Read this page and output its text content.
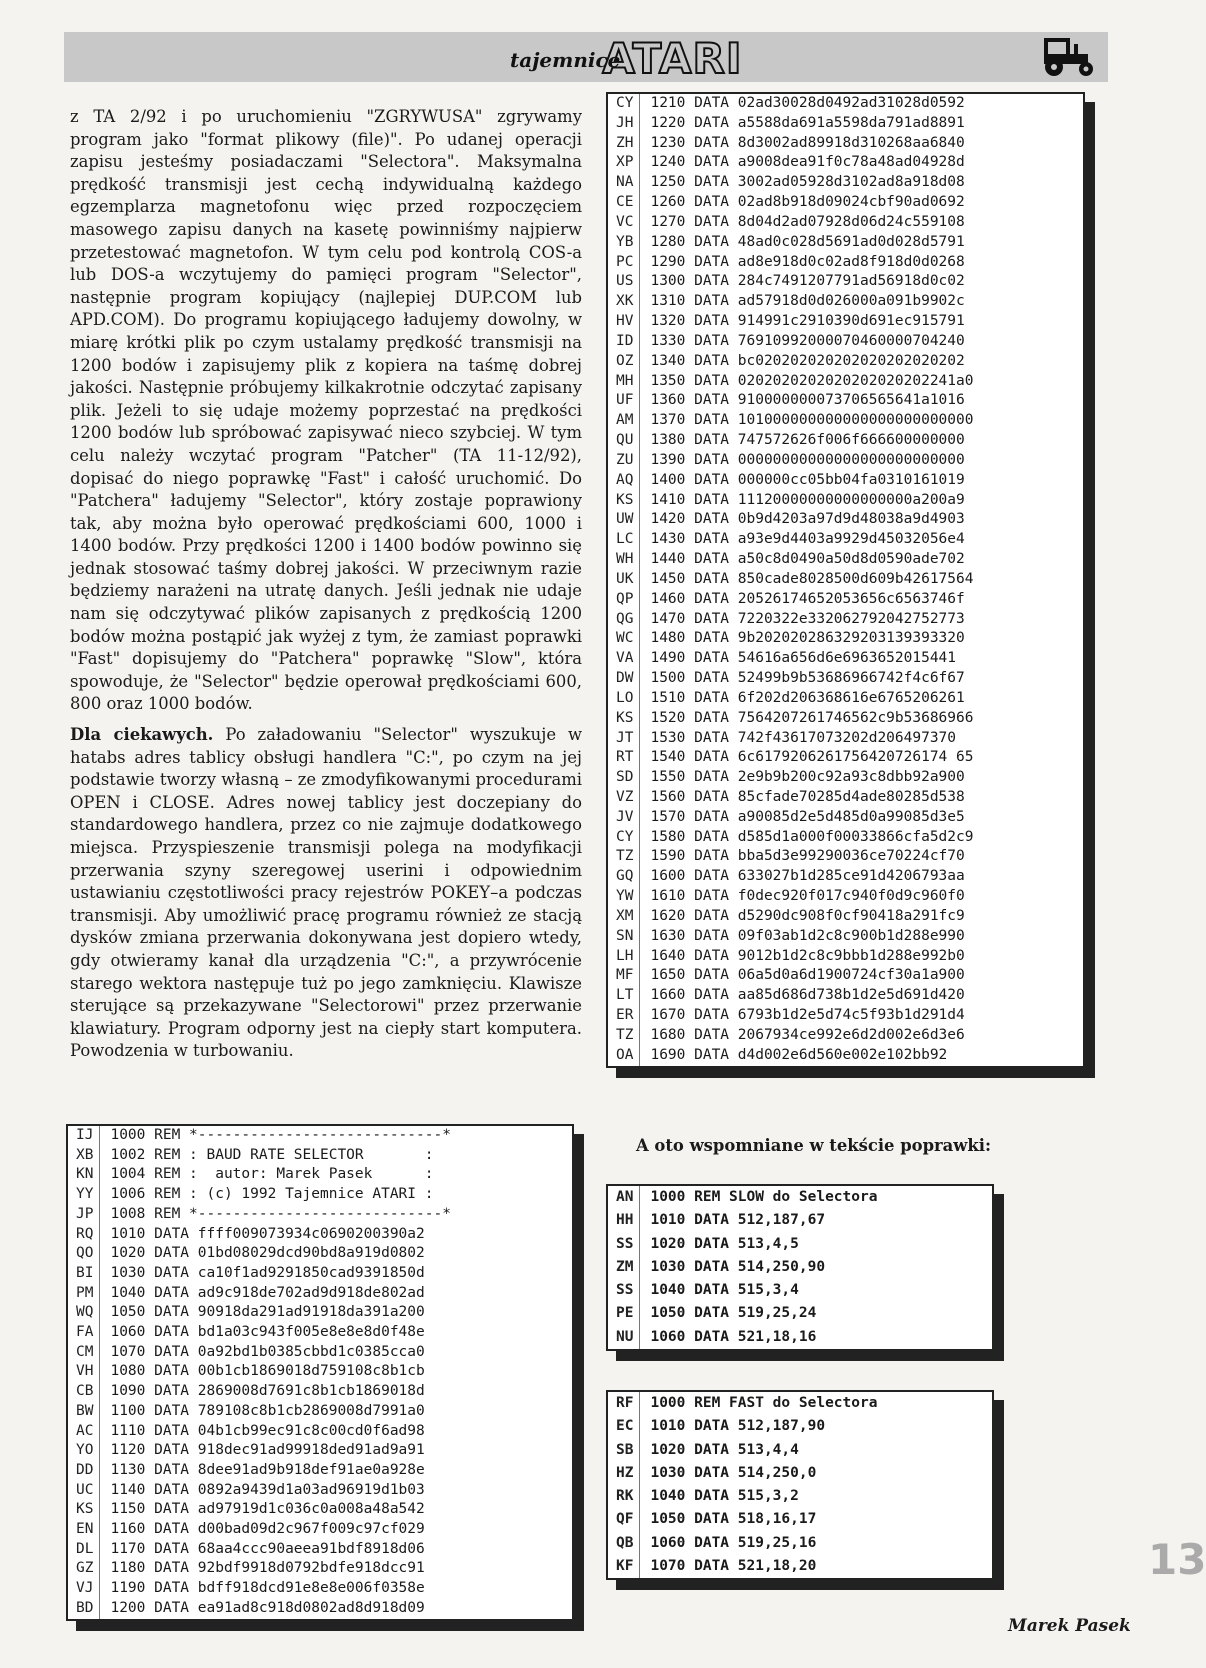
tajemnice
ATARI

z TA 2/92 i po uruchomieniu "ZGRYWUSA" zgrywamy program jako "format plikowy (file)". Po udanej operacji zapisu jesteśmy posiadaczami "Selectora". Maksymalna prędkość transmisji jest cechą indywidualną każdego egzemplarza magnetofonu więc przed rozpoczęciem masowego zapisu danych na kasetę powinniśmy najpierw przetestować magnetofon. W tym celu pod kontrolą COS-a lub DOS-a wczytujemy do pamięci program "Selector", następnie program kopiujący (najlepiej DUP.COM lub APD.COM). Do programu kopiującego ładujemy dowolny, w miarę krótki plik po czym ustalamy prędkość transmisji na 1200 bodów i zapisujemy plik z kopiera na taśmę dobrej jakości. Następnie próbujemy kilkakrotnie odczytać zapisany plik. Jeżeli to się udaje możemy poprzestać na prędkości 1200 bodów lub spróbować zapisywać nieco szybciej. W tym celu należy wczytać program "Patcher" (TA 11-12/92), dopisać do niego poprawkę "Fast" i całość uruchomić. Do "Patchera" ładujemy "Selector", który zostaje poprawiony tak, aby można było operować prędkościami 600, 1000 i 1400 bodów. Przy prędkości 1200 i 1400 bodów powinno się jednak stosować taśmy dobrej jakości. W przeciwnym razie będziemy narażeni na utratę danych. Jeśli jednak nie udaje nam się odczytywać plików zapisanych z prędkością 1200 bodów można postąpić jak wyżej z tym, że zamiast poprawki "Fast" dopisujemy do "Patchera" poprawkę "Slow", która spowoduje, że "Selector" będzie operował prędkościami 600, 800 oraz 1000 bodów.

Dla ciekawych. Po załadowaniu "Selector" wyszukuje w hatabs adres tablicy obsługi handlera "C:", po czym na jej podstawie tworzy własną – ze zmodyfikowanymi procedurami OPEN i CLOSE. Adres nowej tablicy jest doczepiany do standardowego handlera, przez co nie zajmuje dodatkowego miejsca. Przyspieszenie transmisji polega na modyfikacji przerwania szyny szeregowej userini i odpowiednim ustawianiu częstotliwości pracy rejestrów POKEY–a podczas transmisji. Aby umożliwić pracę programu również ze stacją dysków zmiana przerwania dokonywana jest dopiero wtedy, gdy otwieramy kanał dla urządzenia "C:", a przywrócenie starego wektora następuje tuż po jego zamknięciu. Klawisze sterujące są przekazywane "Selectorowi" przez przerwanie klawiatury. Program odporny jest na ciepły start komputera. Powodzenia w turbowaniu.

CY	1210 DATA 02ad30028d0492ad31028d0592
JH	1220 DATA a5588da691a5598da791ad8891
ZH	1230 DATA 8d3002ad89918d310268aa6840
XP	1240 DATA a9008dea91f0c78a48ad04928d
NA	1250 DATA 3002ad05928d3102ad8a918d08
CE	1260 DATA 02ad8b918d09024cbf90ad0692
VC	1270 DATA 8d04d2ad07928d06d24c559108
YB	1280 DATA 48ad0c028d5691ad0d028d5791
PC	1290 DATA ad8e918d0c02ad8f918d0d0268
US	1300 DATA 284c7491207791ad56918d0c02
XK	1310 DATA ad57918d0d026000a091b9902c
HV	1320 DATA 914991c2910390d691ec915791
ID	1330 DATA 76910992000070460000704240
OZ	1340 DATA bc020202020202020202020202
MH	1350 DATA 0202020202020202020202241a0
UF	1360 DATA 910000000073706565641a1016
AM	1370 DATA 101000000000000000000000000
QU	1380 DATA 747572626f006f666600000000
ZU	1390 DATA 00000000000000000000000000
AQ	1400 DATA 000000cc05bb04fa0310161019
KS	1410 DATA 11120000000000000000a200a9
UW	1420 DATA 0b9d4203a97d9d48038a9d4903
LC	1430 DATA a93e9d4403a9929d45032056e4
WH	1440 DATA a50c8d0490a50d8d0590ade702
UK	1450 DATA 850cade8028500d609b42617564
QP	1460 DATA 20526174652053656c6563746f
QG	1470 DATA 7220322e332062792042752773
WC	1480 DATA 9b202020286329203139393320
VA	1490 DATA 54616a656d6e6963652015441
DW	1500 DATA 52499b9b53686966742f4c6f67
LO	1510 DATA 6f202d206368616e6765206261
KS	1520 DATA 7564207261746562c9b53686966
JT	1530 DATA 742f43617073202d206497370
RT	1540 DATA 6c6179206261756420726174 65
SD	1550 DATA 2e9b9b200c92a93c8dbb92a900
VZ	1560 DATA 85cfade70285d4ade80285d538
JV	1570 DATA a90085d2e5d485d0a99085d3e5
CY	1580 DATA d585d1a000f00033866cfa5d2c9
TZ	1590 DATA bba5d3e99290036ce70224cf70
GQ	1600 DATA 633027b1d285ce91d4206793aa
YW	1610 DATA f0dec920f017c940f0d9c960f0
XM	1620 DATA d5290dc908f0cf90418a291fc9
SN	1630 DATA 09f03ab1d2c8c900b1d288e990
LH	1640 DATA 9012b1d2c8c9bbb1d288e992b0
MF	1650 DATA 06a5d0a6d1900724cf30a1a900
LT	1660 DATA aa85d686d738b1d2e5d691d420
ER	1670 DATA 6793b1d2e5d74c5f93b1d291d4
TZ	1680 DATA 2067934ce992e6d2d002e6d3e6
OA	1690 DATA d4d002e6d560e002e102bb92
IJ	1000 REM *----------------------------*
XB	1002 REM : BAUD RATE SELECTOR       :
KN	1004 REM :  autor: Marek Pasek      :
YY	1006 REM : (c) 1992 Tajemnice ATARI :
JP	1008 REM *----------------------------*
RQ	1010 DATA ffff009073934c0690200390a2
QO	1020 DATA 01bd08029dcd90bd8a919d0802
BI	1030 DATA ca10f1ad9291850cad9391850d
PM	1040 DATA ad9c918de702ad9d918de802ad
WQ	1050 DATA 90918da291ad91918da391a200
FA	1060 DATA bd1a03c943f005e8e8e8d0f48e
CM	1070 DATA 0a92bd1b0385cbbd1c0385cca0
VH	1080 DATA 00b1cb1869018d759108c8b1cb
CB	1090 DATA 2869008d7691c8b1cb1869018d
BW	1100 DATA 789108c8b1cb2869008d7991a0
AC	1110 DATA 04b1cb99ec91c8c00cd0f6ad98
YO	1120 DATA 918dec91ad99918ded91ad9a91
DD	1130 DATA 8dee91ad9b918def91ae0a928e
UC	1140 DATA 0892a9439d1a03ad96919d1b03
KS	1150 DATA ad97919d1c036c0a008a48a542
EN	1160 DATA d00bad09d2c967f009c97cf029
DL	1170 DATA 68aa4ccc90aeea91bdf8918d06
GZ	1180 DATA 92bdf9918d0792bdfe918dcc91
VJ	1190 DATA bdff918dcd91e8e8e006f0358e
BD	1200 DATA ea91ad8c918d0802ad8d918d09
A oto wspomniane w tekście poprawki:
AN	1000 REM SLOW do Selectora
HH	1010 DATA 512,187,67
SS	1020 DATA 513,4,5
ZM	1030 DATA 514,250,90
SS	1040 DATA 515,3,4
PE	1050 DATA 519,25,24
NU	1060 DATA 521,18,16
RF	1000 REM FAST do Selectora
EC	1010 DATA 512,187,90
SB	1020 DATA 513,4,4
HZ	1030 DATA 514,250,0
RK	1040 DATA 515,3,2
QF	1050 DATA 518,16,17
QB	1060 DATA 519,25,16
KF	1070 DATA 521,18,20	13
Marek Pasek
